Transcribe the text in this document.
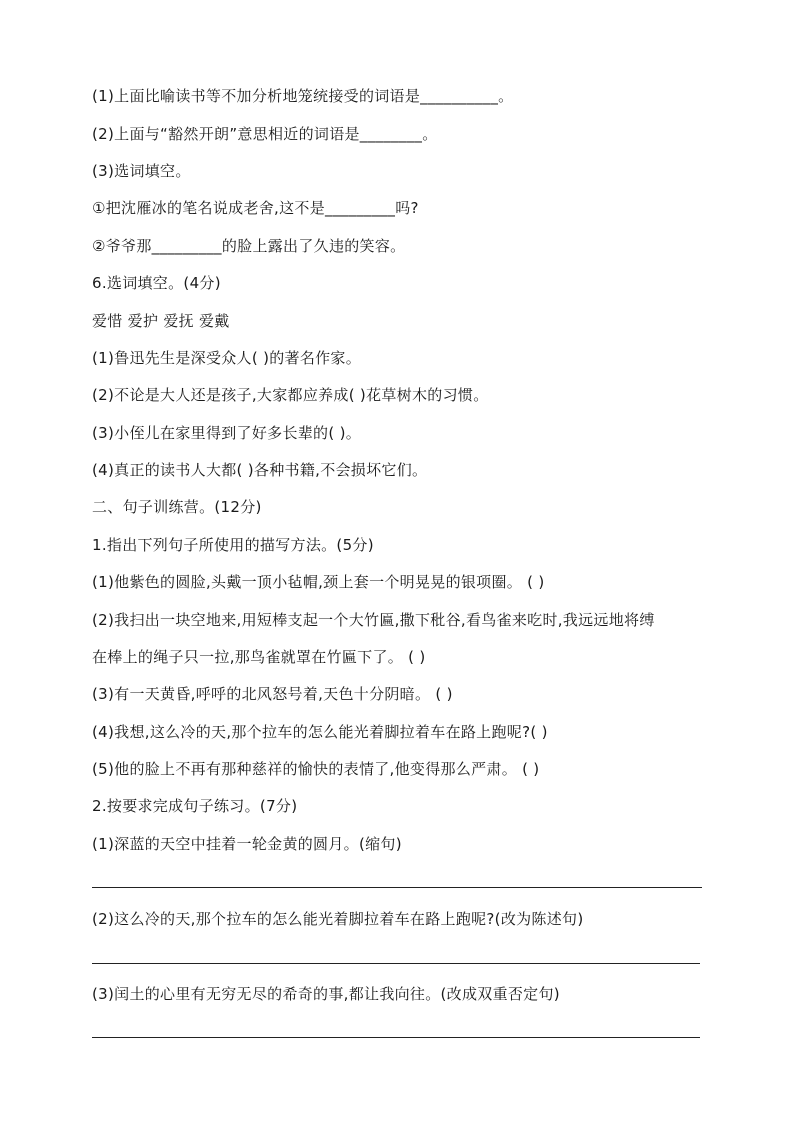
(1)上面比喻读书等不加分析地笼统接受的词语是__________。
(2)上面与“豁然开朗”意思相近的词语是________。
(3)选词填空。
①把沈雁冰的笔名说成老舍,这不是_________吗?
②爷爷那_________的脸上露出了久违的笑容。
6.选词填空。(4分)
爱惜 爱护 爱抚 爱戴
(1)鲁迅先生是深受众人( )的著名作家。
(2)不论是大人还是孩子,大家都应养成( )花草树木的习惯。
(3)小侄儿在家里得到了好多长辈的( )。
(4)真正的读书人大都( )各种书籍,不会损坏它们。
二、句子训练营。(12分)
1.指出下列句子所使用的描写方法。(5分)
(1)他紫色的圆脸,头戴一顶小毡帽,颈上套一个明晃晃的银项圈。 ( )
(2)我扫出一块空地来,用短棒支起一个大竹匾,撒下秕谷,看鸟雀来吃时,我远远地将缚
在棒上的绳子只一拉,那鸟雀就罩在竹匾下了。 ( )
(3)有一天黄昏,呼呼的北风怒号着,天色十分阴暗。 ( )
(4)我想,这么冷的天,那个拉车的怎么能光着脚拉着车在路上跑呢?( )
(5)他的脸上不再有那种慈祥的愉快的表情了,他变得那么严肃。 ( )
2.按要求完成句子练习。(7分)
(1)深蓝的天空中挂着一轮金黄的圆月。(缩句)
(2)这么冷的天,那个拉车的怎么能光着脚拉着车在路上跑呢?(改为陈述句)
(3)闰土的心里有无穷无尽的希奇的事,都让我向往。(改成双重否定句)
